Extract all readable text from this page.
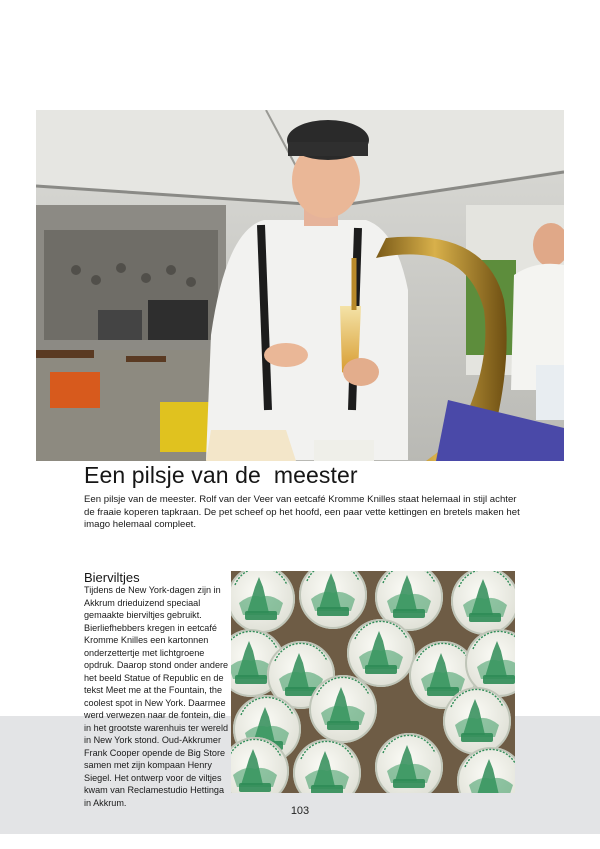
Een pilsje van de  meester

Een pilsje van de meester. Rolf van der Veer van eetcafé Kromme Knilles staat helemaal in stijl achter de fraaie koperen tapkraan. De pet scheef op het hoofd, een paar vette kettingen en bretels maken het imago helemaal compleet.

Bierviltjes

Tijdens de New York-dagen zijn in Akkrum drieduizend speciaal gemaakte bierviltjes gebruikt. Bierliefhebbers kregen in eetcafé Kromme Knilles een kartonnen onderzettertje met lichtgroene opdruk. Daarop stond onder andere het beeld Statue of Republic en de tekst Meet me at the Fountain, the coolest spot in New York. Daarmee werd verwezen naar de fontein, die in het grootste warenhuis ter wereld in New York stond. Oud-Akkrumer Frank Cooper opende de Big Store samen met zijn kompaan Henry Siegel. Het ontwerp voor de viltjes kwam van Reclamestudio Hettinga in Akkrum.

103
